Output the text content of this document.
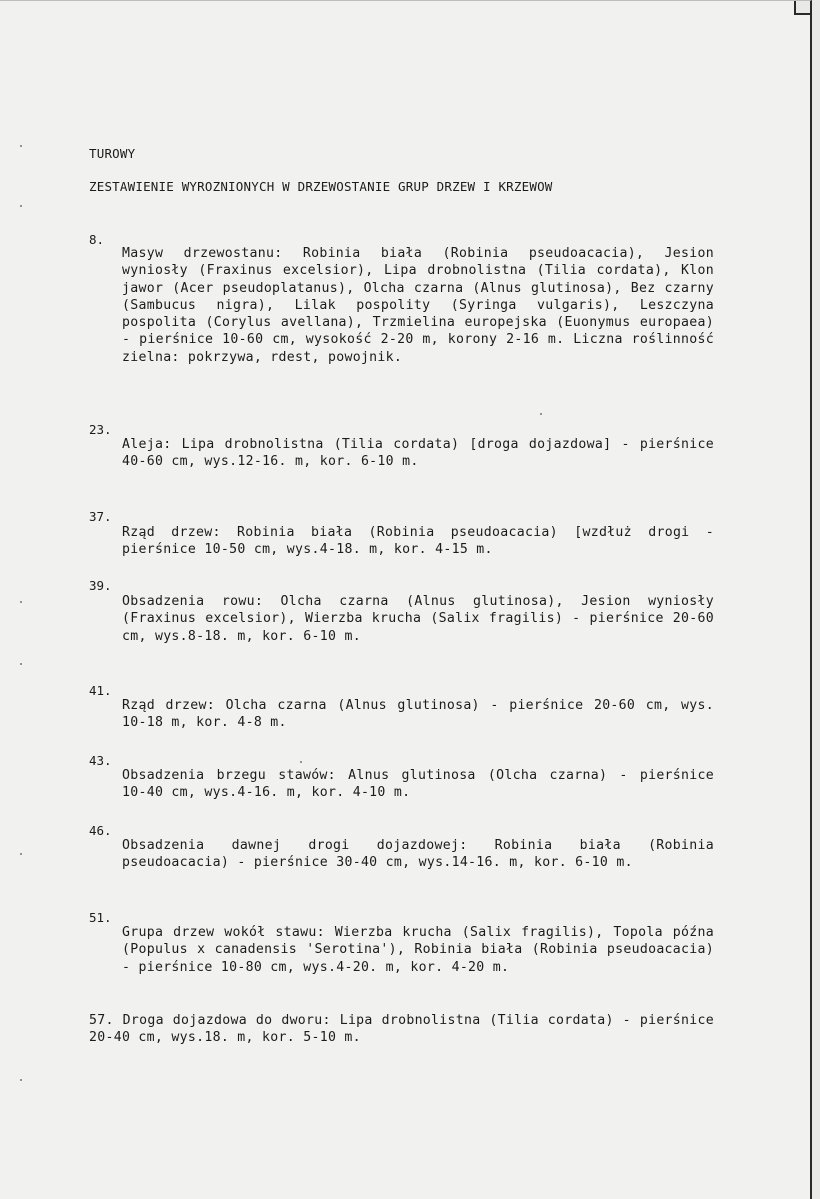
TUROWY
ZESTAWIENIE WYROZNIONYCH W DRZEWOSTANIE GRUP DRZEW I KRZEWOW
8.
Masyw drzewostanu: Robinia biała (Robinia pseudoacacia), Jesion wyniosły (Fraxinus excelsior), Lipa drobnolistna (Tilia cordata), Klon jawor (Acer pseudoplatanus), Olcha czarna (Alnus glutinosa), Bez czarny (Sambucus nigra), Lilak pospolity (Syringa vulgaris), Leszczyna pospolita (Corylus avellana), Trzmielina europejska (Euonymus europaea) - pierśnice 10-60 cm, wysokość 2-20 m, korony 2-16 m. Liczna roślinność zielna: pokrzywa, rdest, powojnik.
23.
Aleja: Lipa drobnolistna (Tilia cordata) [droga dojazdowa] - pierśnice 40-60 cm, wys.12-16. m, kor. 6-10 m.
37.
Rząd drzew: Robinia biała (Robinia pseudoacacia) [wzdłuż drogi - pierśnice 10-50 cm, wys.4-18. m, kor. 4-15 m.
39.
Obsadzenia rowu: Olcha czarna (Alnus glutinosa), Jesion wyniosły (Fraxinus excelsior), Wierzba krucha (Salix fragilis) - pierśnice 20-60 cm, wys.8-18. m, kor. 6-10 m.
41.
Rząd drzew: Olcha czarna (Alnus glutinosa) - pierśnice 20-60 cm, wys. 10-18 m, kor. 4-8 m.
43.
Obsadzenia brzegu stawów: Alnus glutinosa (Olcha czarna) - pierśnice 10-40 cm, wys.4-16. m, kor. 4-10 m.
46.
Obsadzenia dawnej drogi dojazdowej: Robinia biała (Robinia pseudoacacia) - pierśnice 30-40 cm, wys.14-16. m, kor. 6-10 m.
51.
Grupa drzew wokół stawu: Wierzba krucha (Salix fragilis), Topola późna (Populus x canadensis 'Serotina'), Robinia biała (Robinia pseudoacacia) - pierśnice 10-80 cm, wys.4-20. m, kor. 4-20 m.
57. Droga dojazdowa do dworu: Lipa drobnolistna (Tilia cordata) - pierśnice 20-40 cm, wys.18. m, kor. 5-10 m.
